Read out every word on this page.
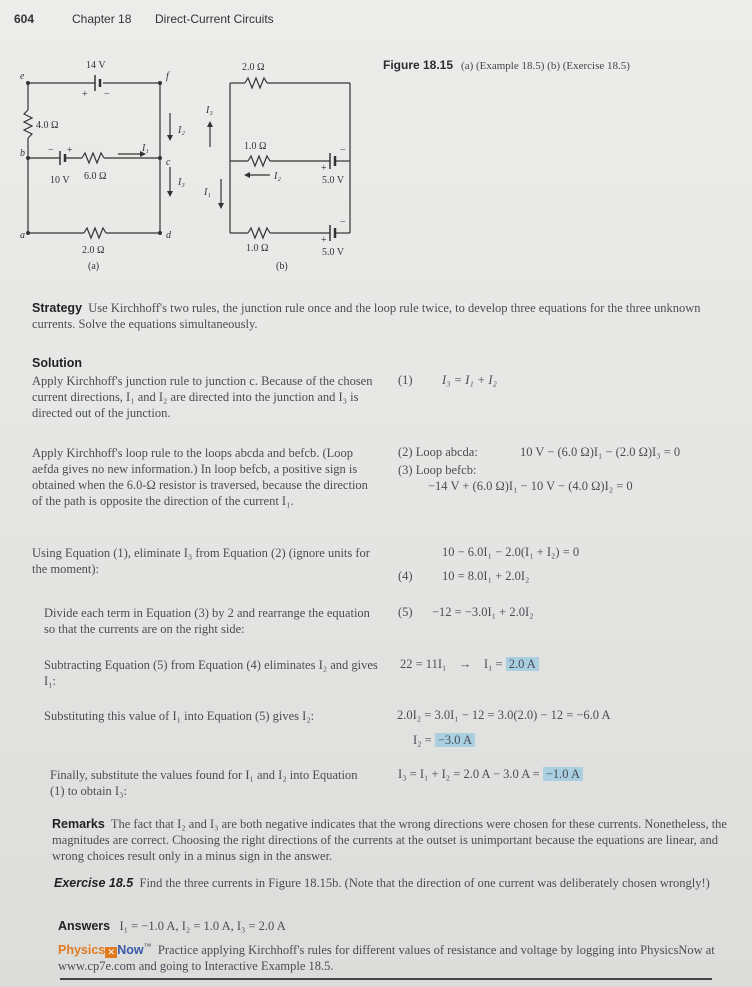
604	Chapter 18 Direct-Current Circuits
14 V
+ −
e	f
4.0 Ω	I₂
I₁
b
c
− +
10 V 6.0 Ω
I₃
a	d
2.0 Ω
(a)
2.0 Ω
I₃
1.0 Ω
+
−
I₂	5.0 V
I₁
+
−
1.0 Ω	5.0 V
(b)
Figure 18.15 (a) (Example 18.5) (b) (Exercise 18.5)
Strategy Use Kirchhoff's two rules, the junction rule once and the loop rule twice, to develop three equations for the three unknown currents. Solve the equations simultaneously.
Solution
Apply Kirchhoff's junction rule to junction c. Because of the chosen current directions, I₁ and I₂ are directed into the junction and I₃ is directed out of the junction.
(1) I₃ = I₁ + I₂
Apply Kirchhoff's loop rule to the loops abcda and befcb. (Loop aefda gives no new information.) In loop befcb, a positive sign is obtained when the 6.0-Ω resistor is traversed, because the direction of the path is opposite the direction of the current I₁.
(2) Loop abcda:	10 V − (6.0 Ω)I₁ − (2.0 Ω)I₃ = 0
(3) Loop befcb:
−14 V + (6.0 Ω)I₁ − 10 V − (4.0 Ω)I₂ = 0
Using Equation (1), eliminate I₃ from Equation (2) (ignore units for the moment):
10 − 6.0I₁ − 2.0(I₁ + I₂) = 0
(4) 10 = 8.0I₁ + 2.0I₂
Divide each term in Equation (3) by 2 and rearrange the equation so that the currents are on the right side:
(5) −12 = −3.0I₁ + 2.0I₂
Subtracting Equation (5) from Equation (4) eliminates I₂ and gives I₁:
22 = 11I₁ → I₁ = 2.0 A
Substituting this value of I₁ into Equation (5) gives I₂:	2.0I₂ = 3.0I₁ − 12 = 3.0(2.0) − 12 = −6.0 A
I₂ = −3.0 A
Finally, substitute the values found for I₁ and I₂ into Equation (1) to obtain I₃:
I₃ = I₁ + I₂ = 2.0 A − 3.0 A = −1.0 A
Remarks The fact that I₂ and I₃ are both negative indicates that the wrong directions were chosen for these currents. Nonetheless, the magnitudes are correct. Choosing the right directions of the currents at the outset is unimportant because the equations are linear, and wrong choices result only in a minus sign in the answer.
Exercise 18.5 Find the three currents in Figure 18.15b. (Note that the direction of one current was deliberately chosen wrongly!)
Answers I₁ = −1.0 A, I₂ = 1.0 A, I₃ = 2.0 A
Physics ✕ Now™ Practice applying Kirchhoff's rules for different values of resistance and voltage by logging into PhysicsNow at www.cp7e.com and going to Interactive Example 18.5.
